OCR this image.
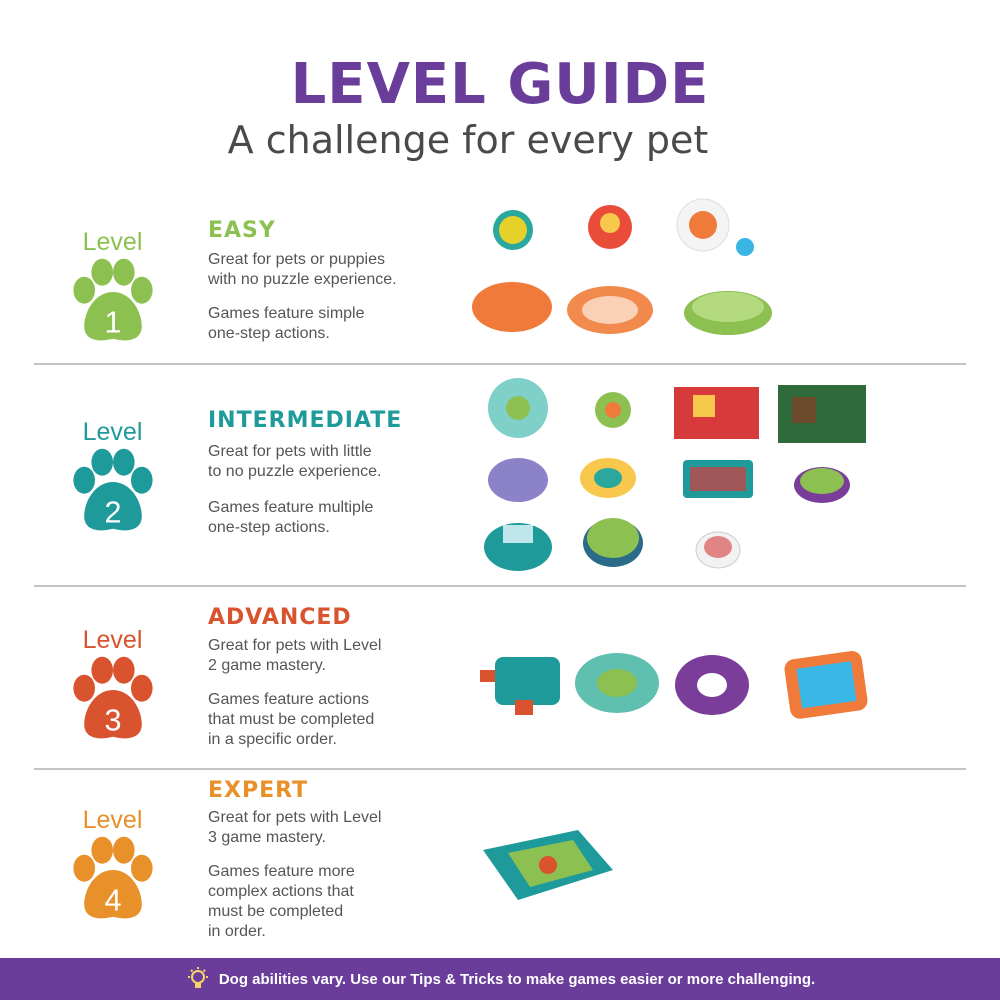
LEVEL GUIDE
A challenge for every pet
Level
1
EASY
Great for pets or puppies
with no puzzle experience.
Games feature simple
one-step actions.
Level
2
INTERMEDIATE
Great for pets with little
to no puzzle experience.
Games feature multiple
one-step actions.
Level
3
ADVANCED
Great for pets with Level
2 game mastery.
Games feature actions
that must be completed
in a specific order.
Level
4
EXPERT
Great for pets with Level
3 game mastery.
Games feature more
complex actions that
must be completed
in order.
Dog abilities vary. Use our Tips & Tricks to make games easier or more challenging.
